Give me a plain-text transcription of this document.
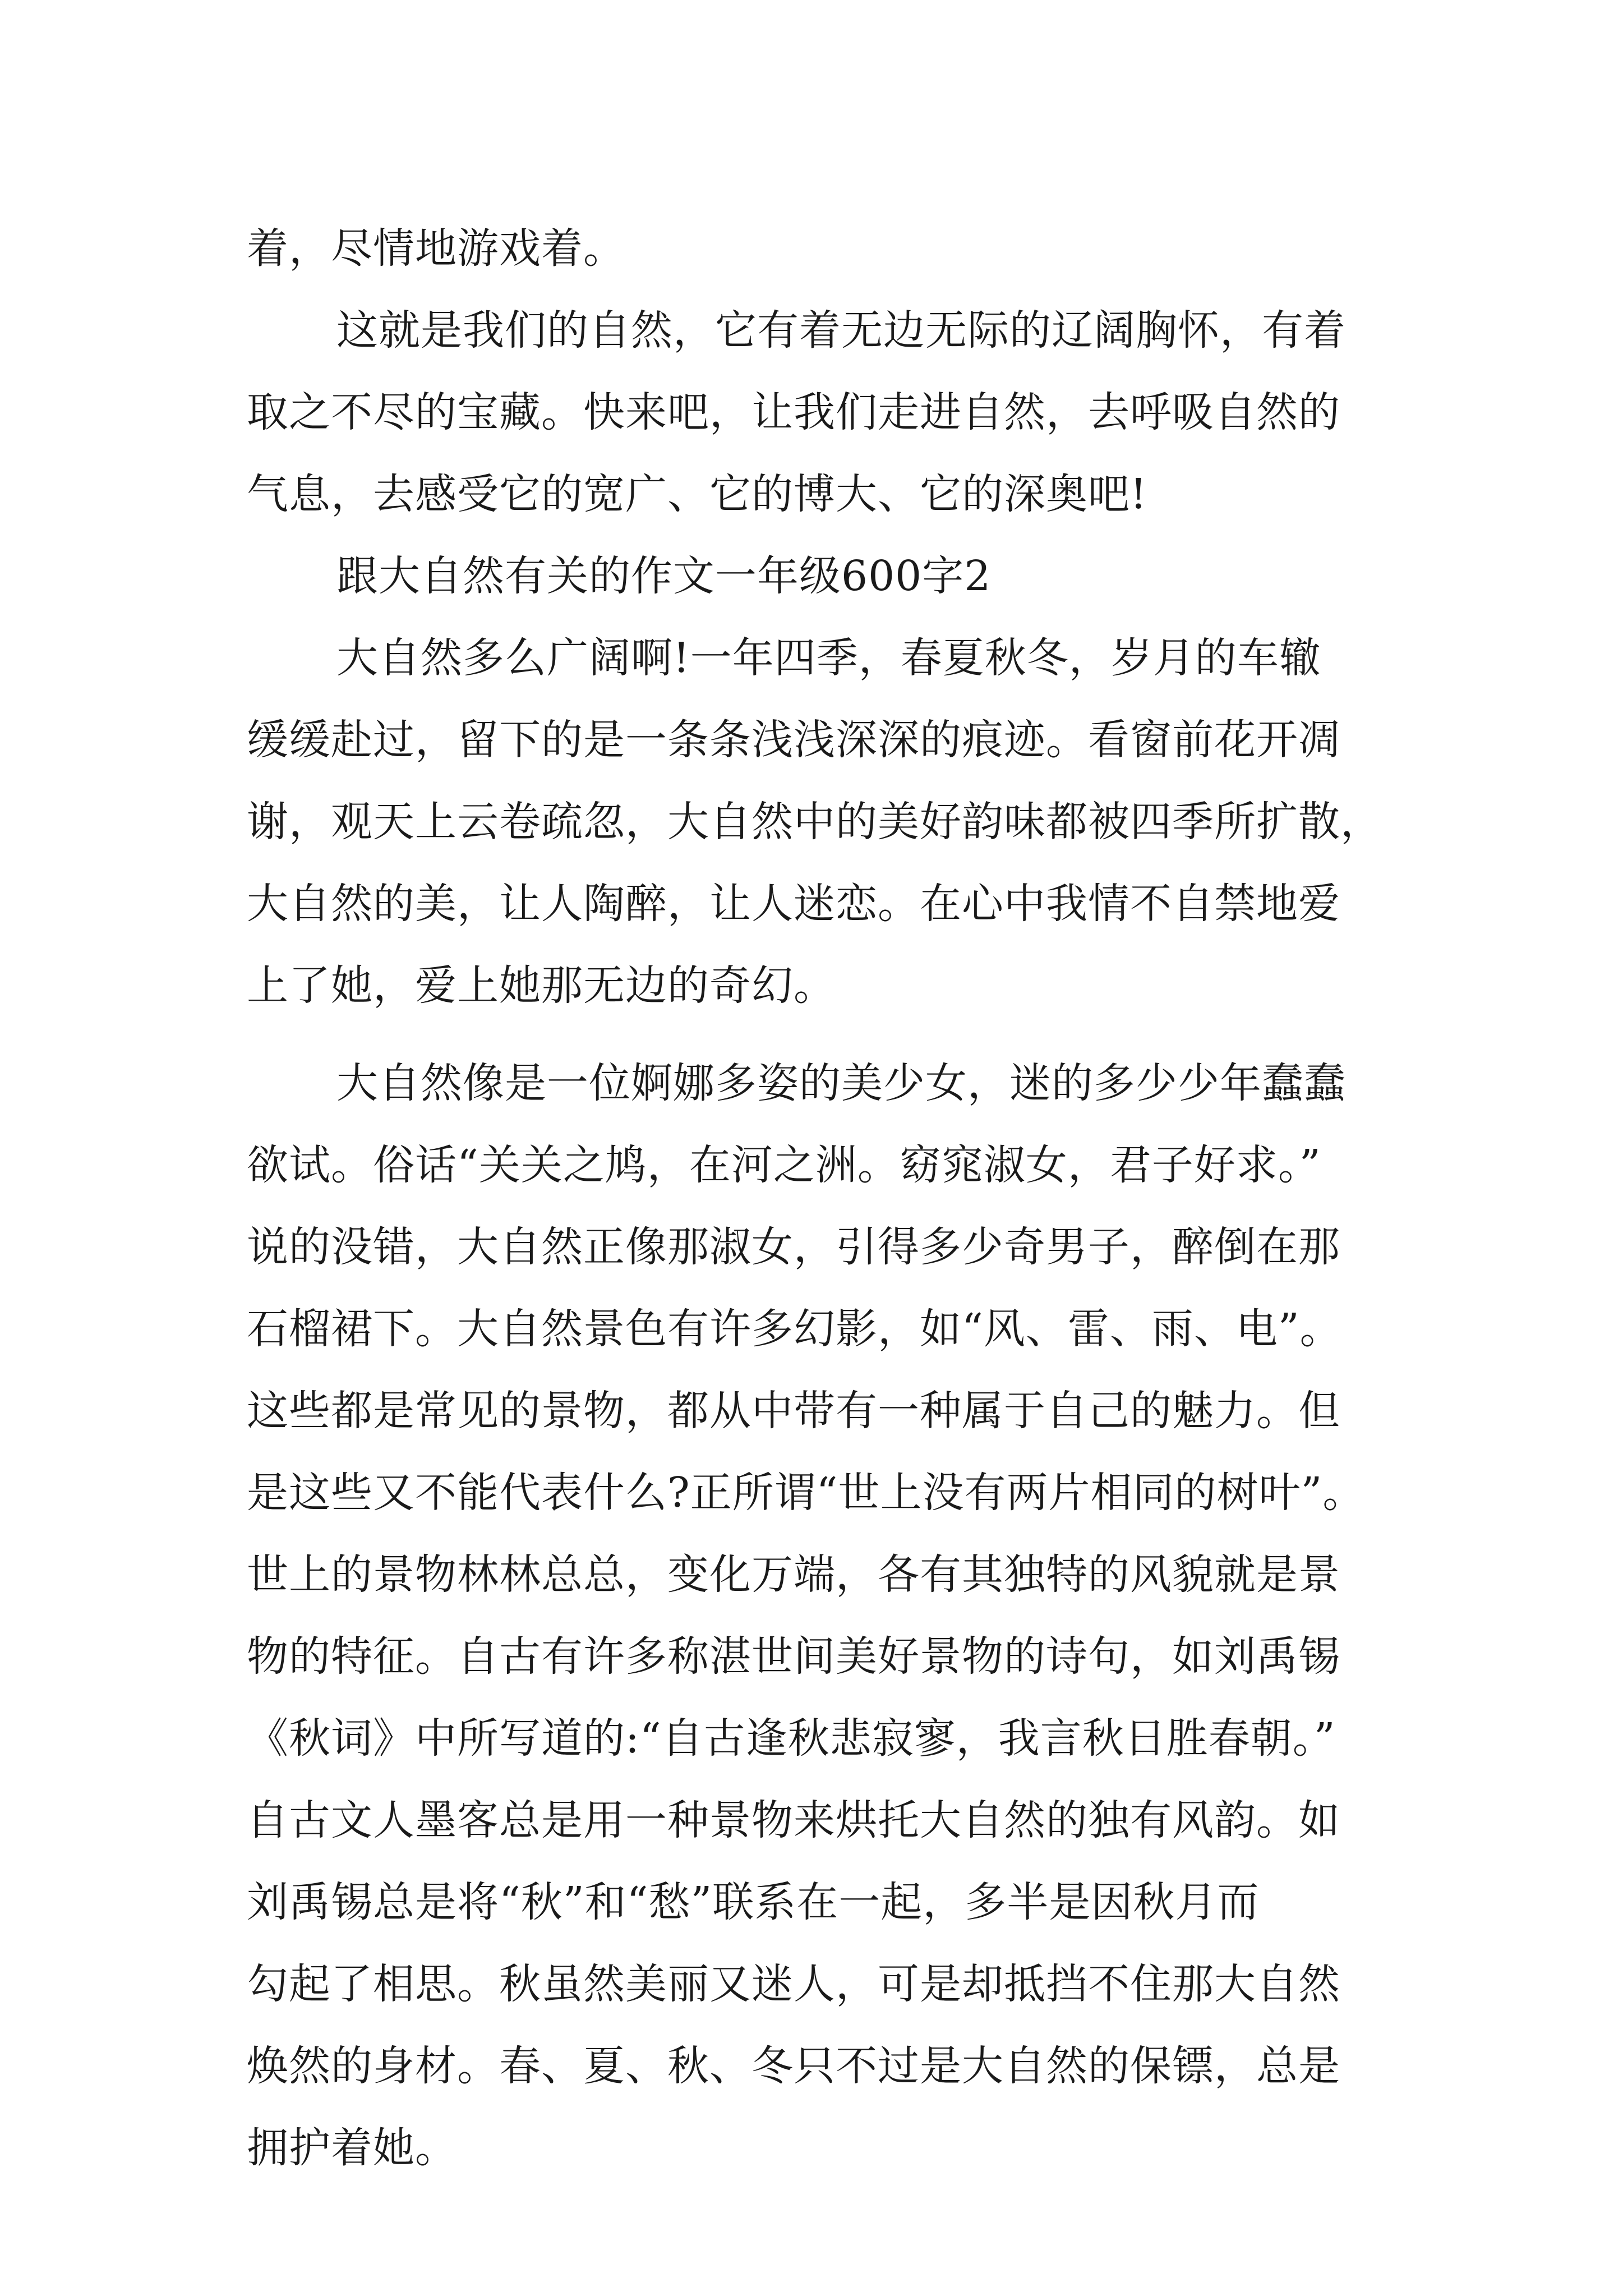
着，尽情地游戏着。
这就是我们的自然，它有着无边无际的辽阔胸怀，有着
取之不尽的宝藏。快来吧，让我们走进自然，去呼吸自然的
气息，去感受它的宽广、它的博大、它的深奥吧!
跟大自然有关的作文一年级600字2
大自然多么广阔啊!一年四季，春夏秋冬，岁月的车辙
缓缓赴过，留下的是一条条浅浅深深的痕迹。看窗前花开凋
谢，观天上云卷疏忽，大自然中的美好韵味都被四季所扩散，
大自然的美，让人陶醉，让人迷恋。在心中我情不自禁地爱
上了她，爱上她那无边的奇幻。
大自然像是一位婀娜多姿的美少女，迷的多少少年蠢蠢
欲试。俗话“关关之鸠，在河之洲。窈窕淑女，君子好求。”
说的没错，大自然正像那淑女，引得多少奇男子，醉倒在那
石榴裙下。大自然景色有许多幻影，如“风、雷、雨、电”。
这些都是常见的景物，都从中带有一种属于自己的魅力。但
是这些又不能代表什么?正所谓“世上没有两片相同的树叶”。
世上的景物林林总总，变化万端，各有其独特的风貌就是景
物的特征。自古有许多称湛世间美好景物的诗句，如刘禹锡
《秋词》中所写道的:“自古逢秋悲寂寥，我言秋日胜春朝。”
自古文人墨客总是用一种景物来烘托大自然的独有风韵。如
刘禹锡总是将“秋”和“愁”联系在一起，多半是因秋月而
勾起了相思。秋虽然美丽又迷人，可是却抵挡不住那大自然
焕然的身材。春、夏、秋、冬只不过是大自然的保镖，总是
拥护着她。
